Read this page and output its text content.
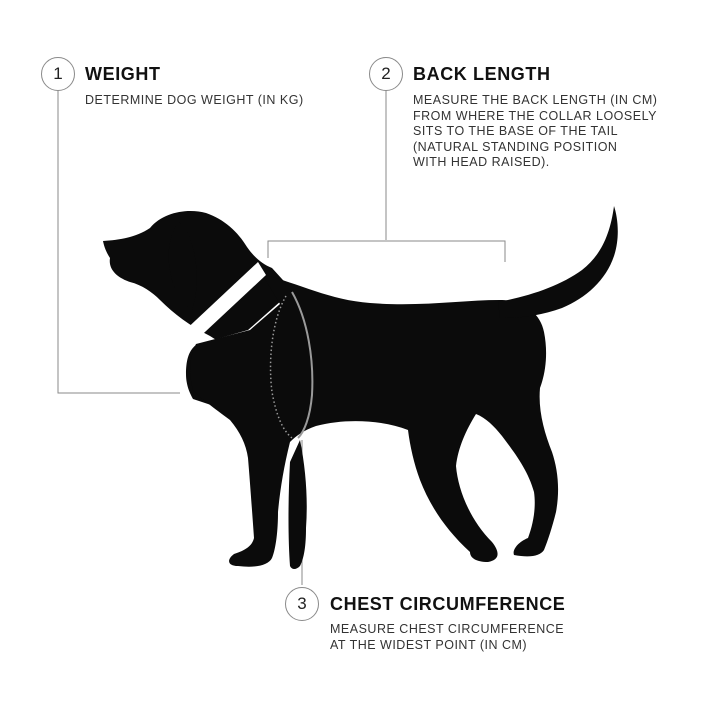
1	WEIGHT
DETERMINE DOG WEIGHT (IN KG)
2	BACK LENGTH
MEASURE THE BACK LENGTH (IN CM)
FROM WHERE THE COLLAR LOOSELY
SITS TO THE BASE OF THE TAIL
(NATURAL STANDING POSITION
WITH HEAD RAISED).
3	CHEST CIRCUMFERENCE
MEASURE CHEST CIRCUMFERENCE
AT THE WIDEST POINT (IN CM)
